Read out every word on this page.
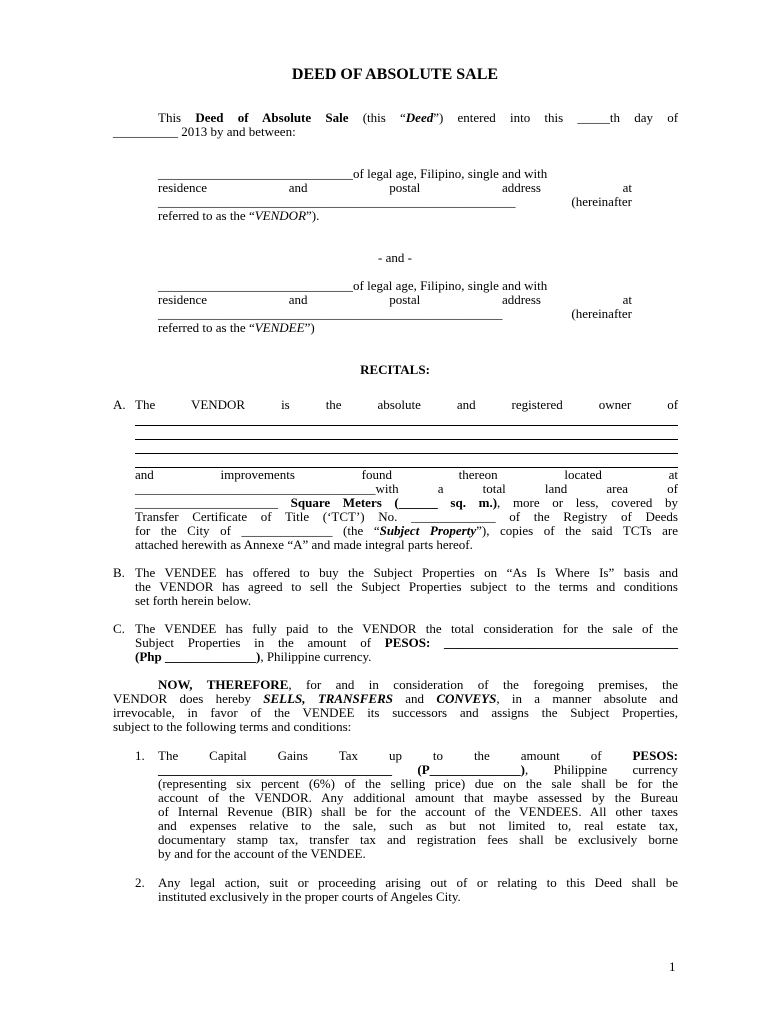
DEED OF ABSOLUTE SALE
This Deed of Absolute Sale (this “Deed”) entered into this _____th day of
__________ 2013 by and between:
______________________________of legal age, Filipino, single and with
residence	and	postal	address	at
_______________________________________________________	(hereinafter
referred to as the “VENDOR”).
- and -
______________________________of legal age, Filipino, single and with
residence	and	postal	address	at
_____________________________________________________	(hereinafter
referred to as the “VENDEE”)
RECITALS:
A. The	VENDOR	is	the	absolute	and	registered	owner	of
and	improvements	found	thereon	located	at
_____________________________________with a total land area of
______________________ Square Meters (______ sq. m.), more or less, covered by
Transfer Certificate of Title (‘TCT’) No. _____________ of the Registry of Deeds
for the City of ______________ (the “Subject Property”), copies of the said TCTs are
attached herewith as Annexe “A” and made integral parts hereof.
B. The VENDEE has offered to buy the Subject Properties on “As Is Where Is” basis and
the VENDOR has agreed to sell the Subject Properties subject to the terms and conditions
set forth herein below.
C. The VENDEE has fully paid to the VENDOR the total consideration for the sale of the
Subject Properties in the amount of PESOS: ____________________________________
(Php ______________), Philippine currency.
NOW, THEREFORE, for and in consideration of the foregoing premises, the
VENDOR does hereby SELLS, TRANSFERS and CONVEYS, in a manner absolute and
irrevocable, in favor of the VENDEE its successors and assigns the Subject Properties,
subject to the following terms and conditions:
1. The Capital Gains Tax up to the amount of PESOS:
____________________________________ (P______________), Philippine currency
(representing six percent (6%) of the selling price) due on the sale shall be for the
account of the VENDOR. Any additional amount that maybe assessed by the Bureau
of Internal Revenue (BIR) shall be for the account of the VENDEES. All other taxes
and expenses relative to the sale, such as but not limited to, real estate tax,
documentary stamp tax, transfer tax and registration fees shall be exclusively borne
by and for the account of the VENDEE.
2. Any legal action, suit or proceeding arising out of or relating to this Deed shall be
instituted exclusively in the proper courts of Angeles City.
1
